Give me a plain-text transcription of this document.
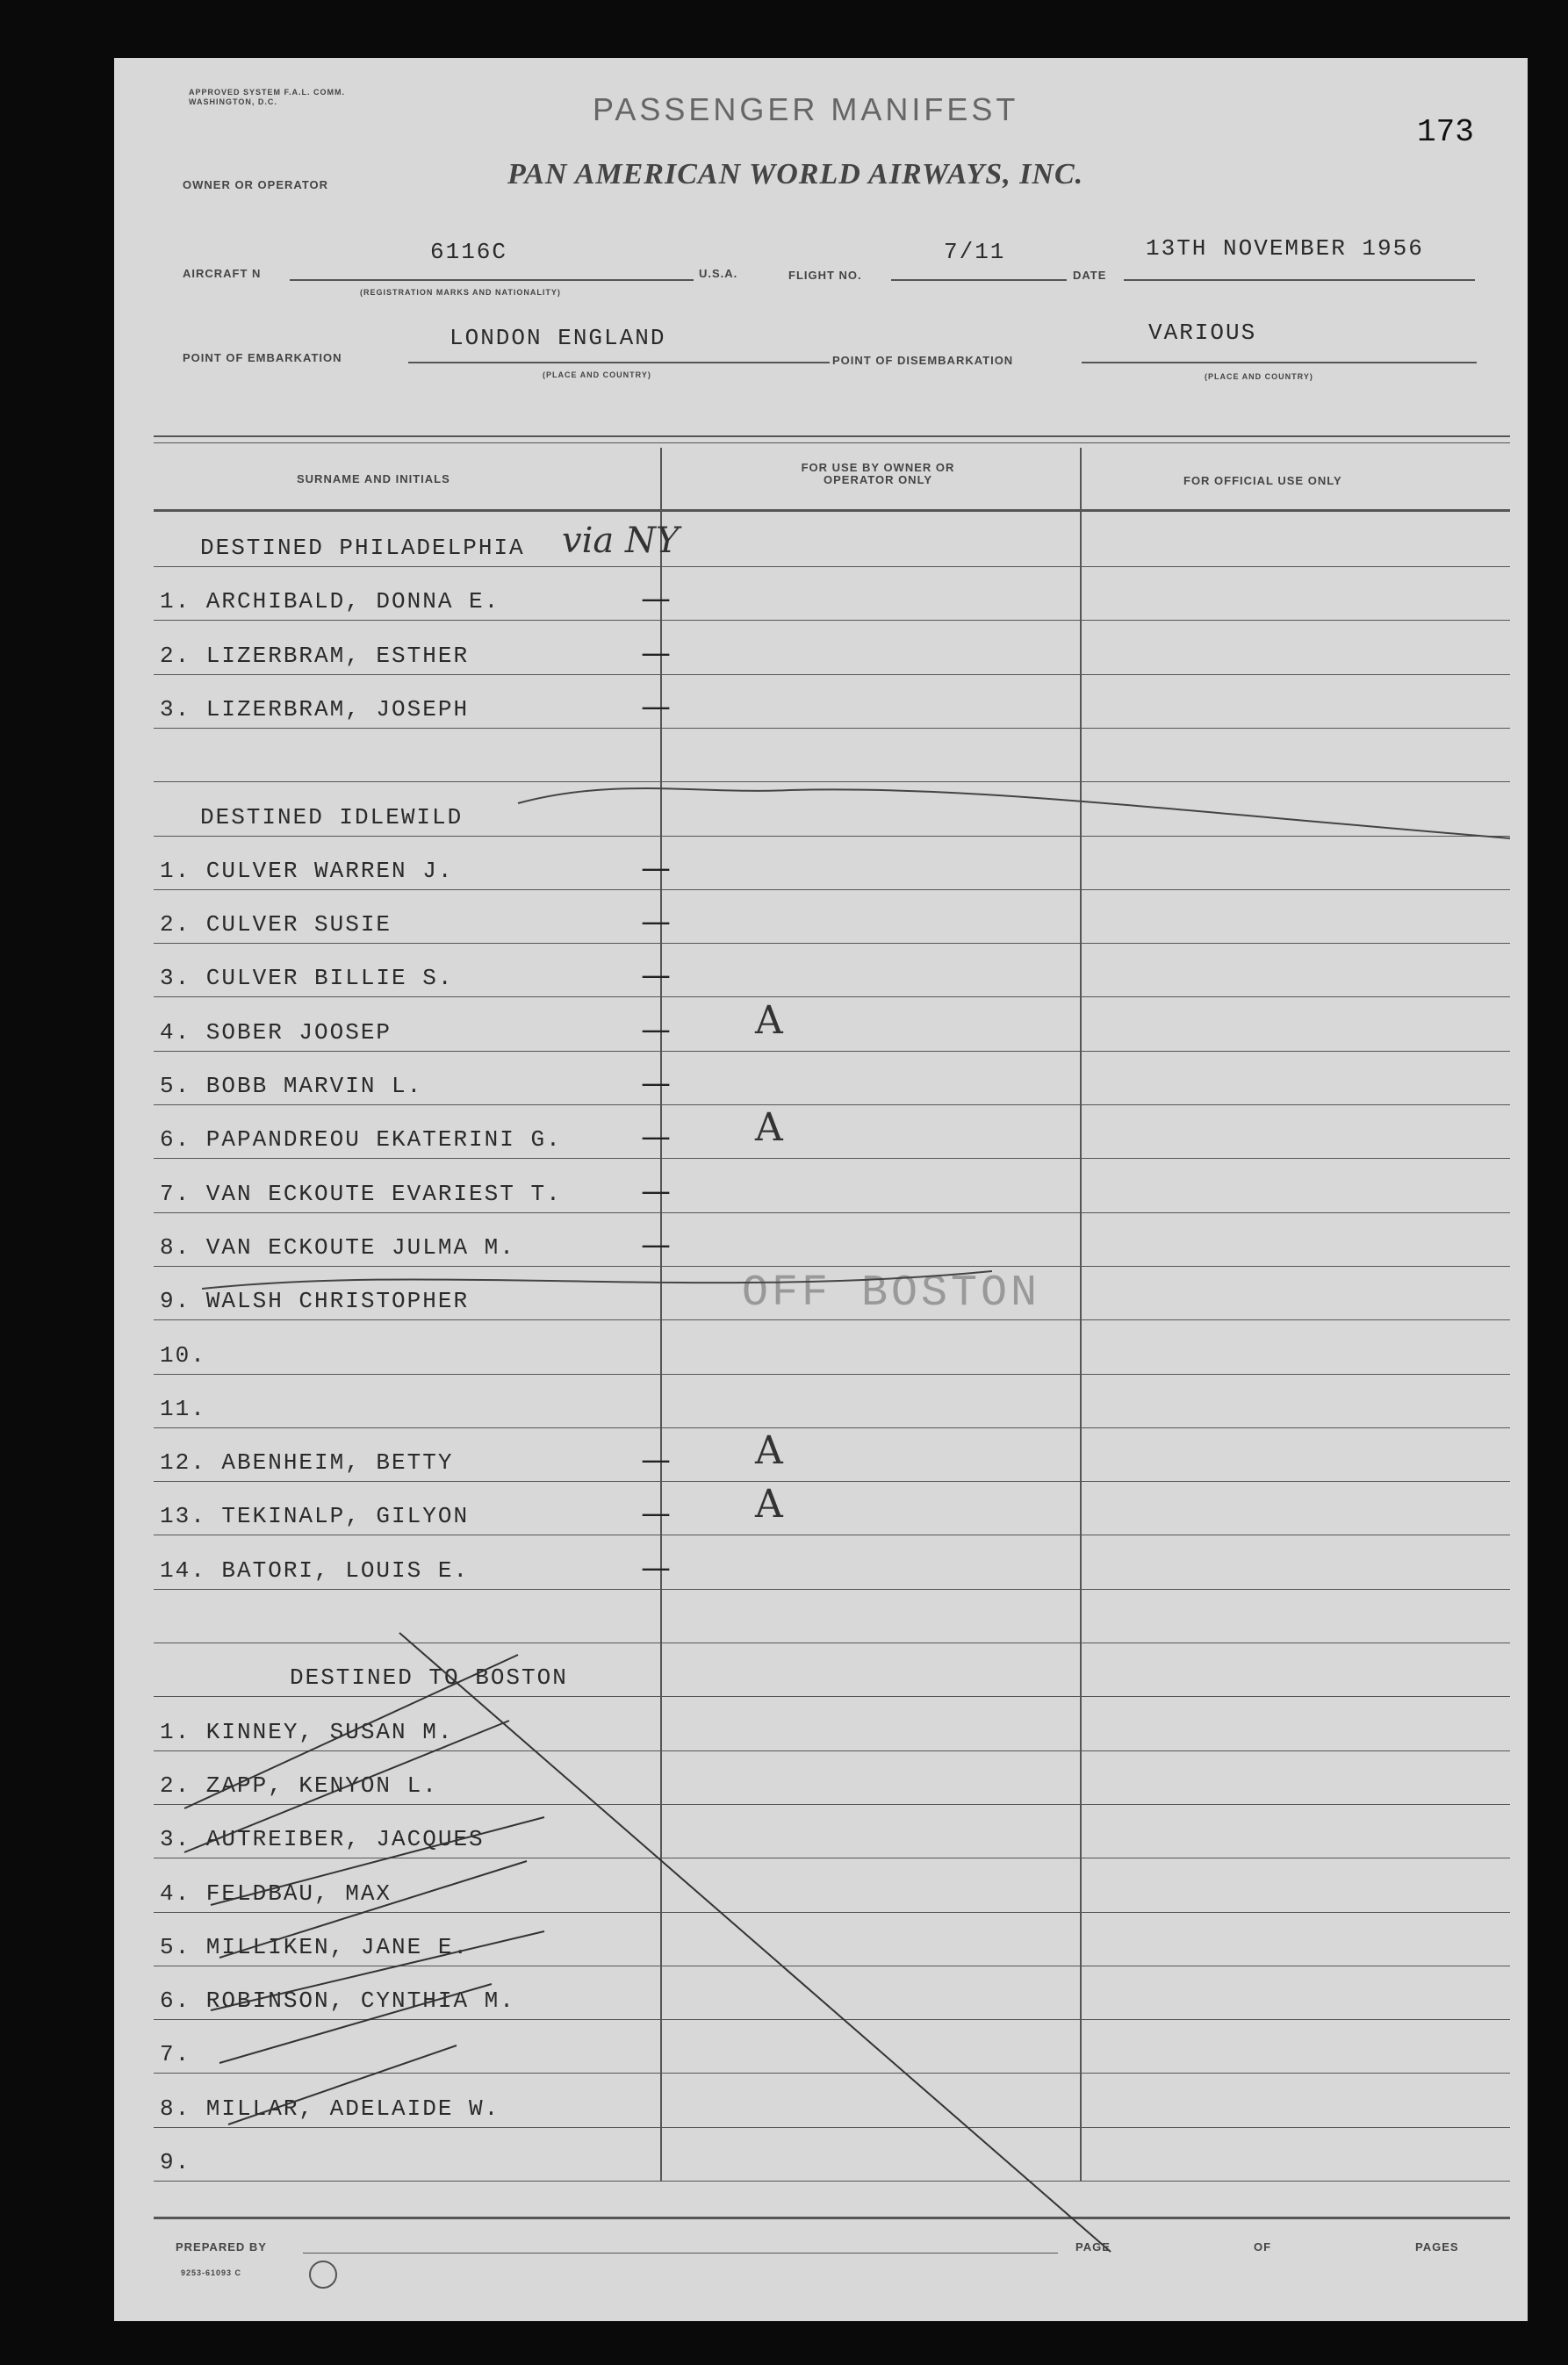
APPROVED SYSTEM F.A.L. COMM. WASHINGTON, D.C.	PASSENGER MANIFEST
173
OWNER OR OPERATOR	PAN AMERICAN WORLD AIRWAYS, INC.
AIRCRAFT N
6116C
(REGISTRATION MARKS AND NATIONALITY)
U.S.A.	FLIGHT NO.
7/11
DATE
13TH NOVEMBER 1956
POINT OF EMBARKATION
LONDON ENGLAND
(PLACE AND COUNTRY)
POINT OF DISEMBARKATION
VARIOUS
(PLACE AND COUNTRY)
SURNAME AND INITIALS
FOR USE BY OWNER OR OPERATOR ONLY	FOR OFFICIAL USE ONLY
DESTINED PHILADELPHIA via NY
1. ARCHIBALD, DONNA E.	—
2. LIZERBRAM, ESTHER	—
3. LIZERBRAM, JOSEPH	—
DESTINED IDLEWILD
1. CULVER WARREN J.	—
2. CULVER SUSIE	—
3. CULVER BILLIE S.	—
4. SOBER JOOSEP	— A
5. BOBB MARVIN L.	—
6. PAPANDREOU EKATERINI G.	— A
7. VAN ECKOUTE EVARIEST T.	—
8. VAN ECKOUTE JULMA M.	—
9. WALSH CHRISTOPHER	OFF BOSTON
10.
11.
12. ABENHEIM, BETTY	— A
13. TEKINALP, GILYON	— A
14. BATORI, LOUIS E.	—
DESTINED TO BOSTON
1. KINNEY, SUSAN M.
2. ZAPP, KENYON L.
3. AUTREIBER, JACQUES
4. FELDBAU, MAX
5. MILLIKEN, JANE E.
6. ROBINSON, CYNTHIA M.
7.
8. MILLAR, ADELAIDE W.
9.
PREPARED BY	PAGE	OF	PAGES
9253-61093 C
